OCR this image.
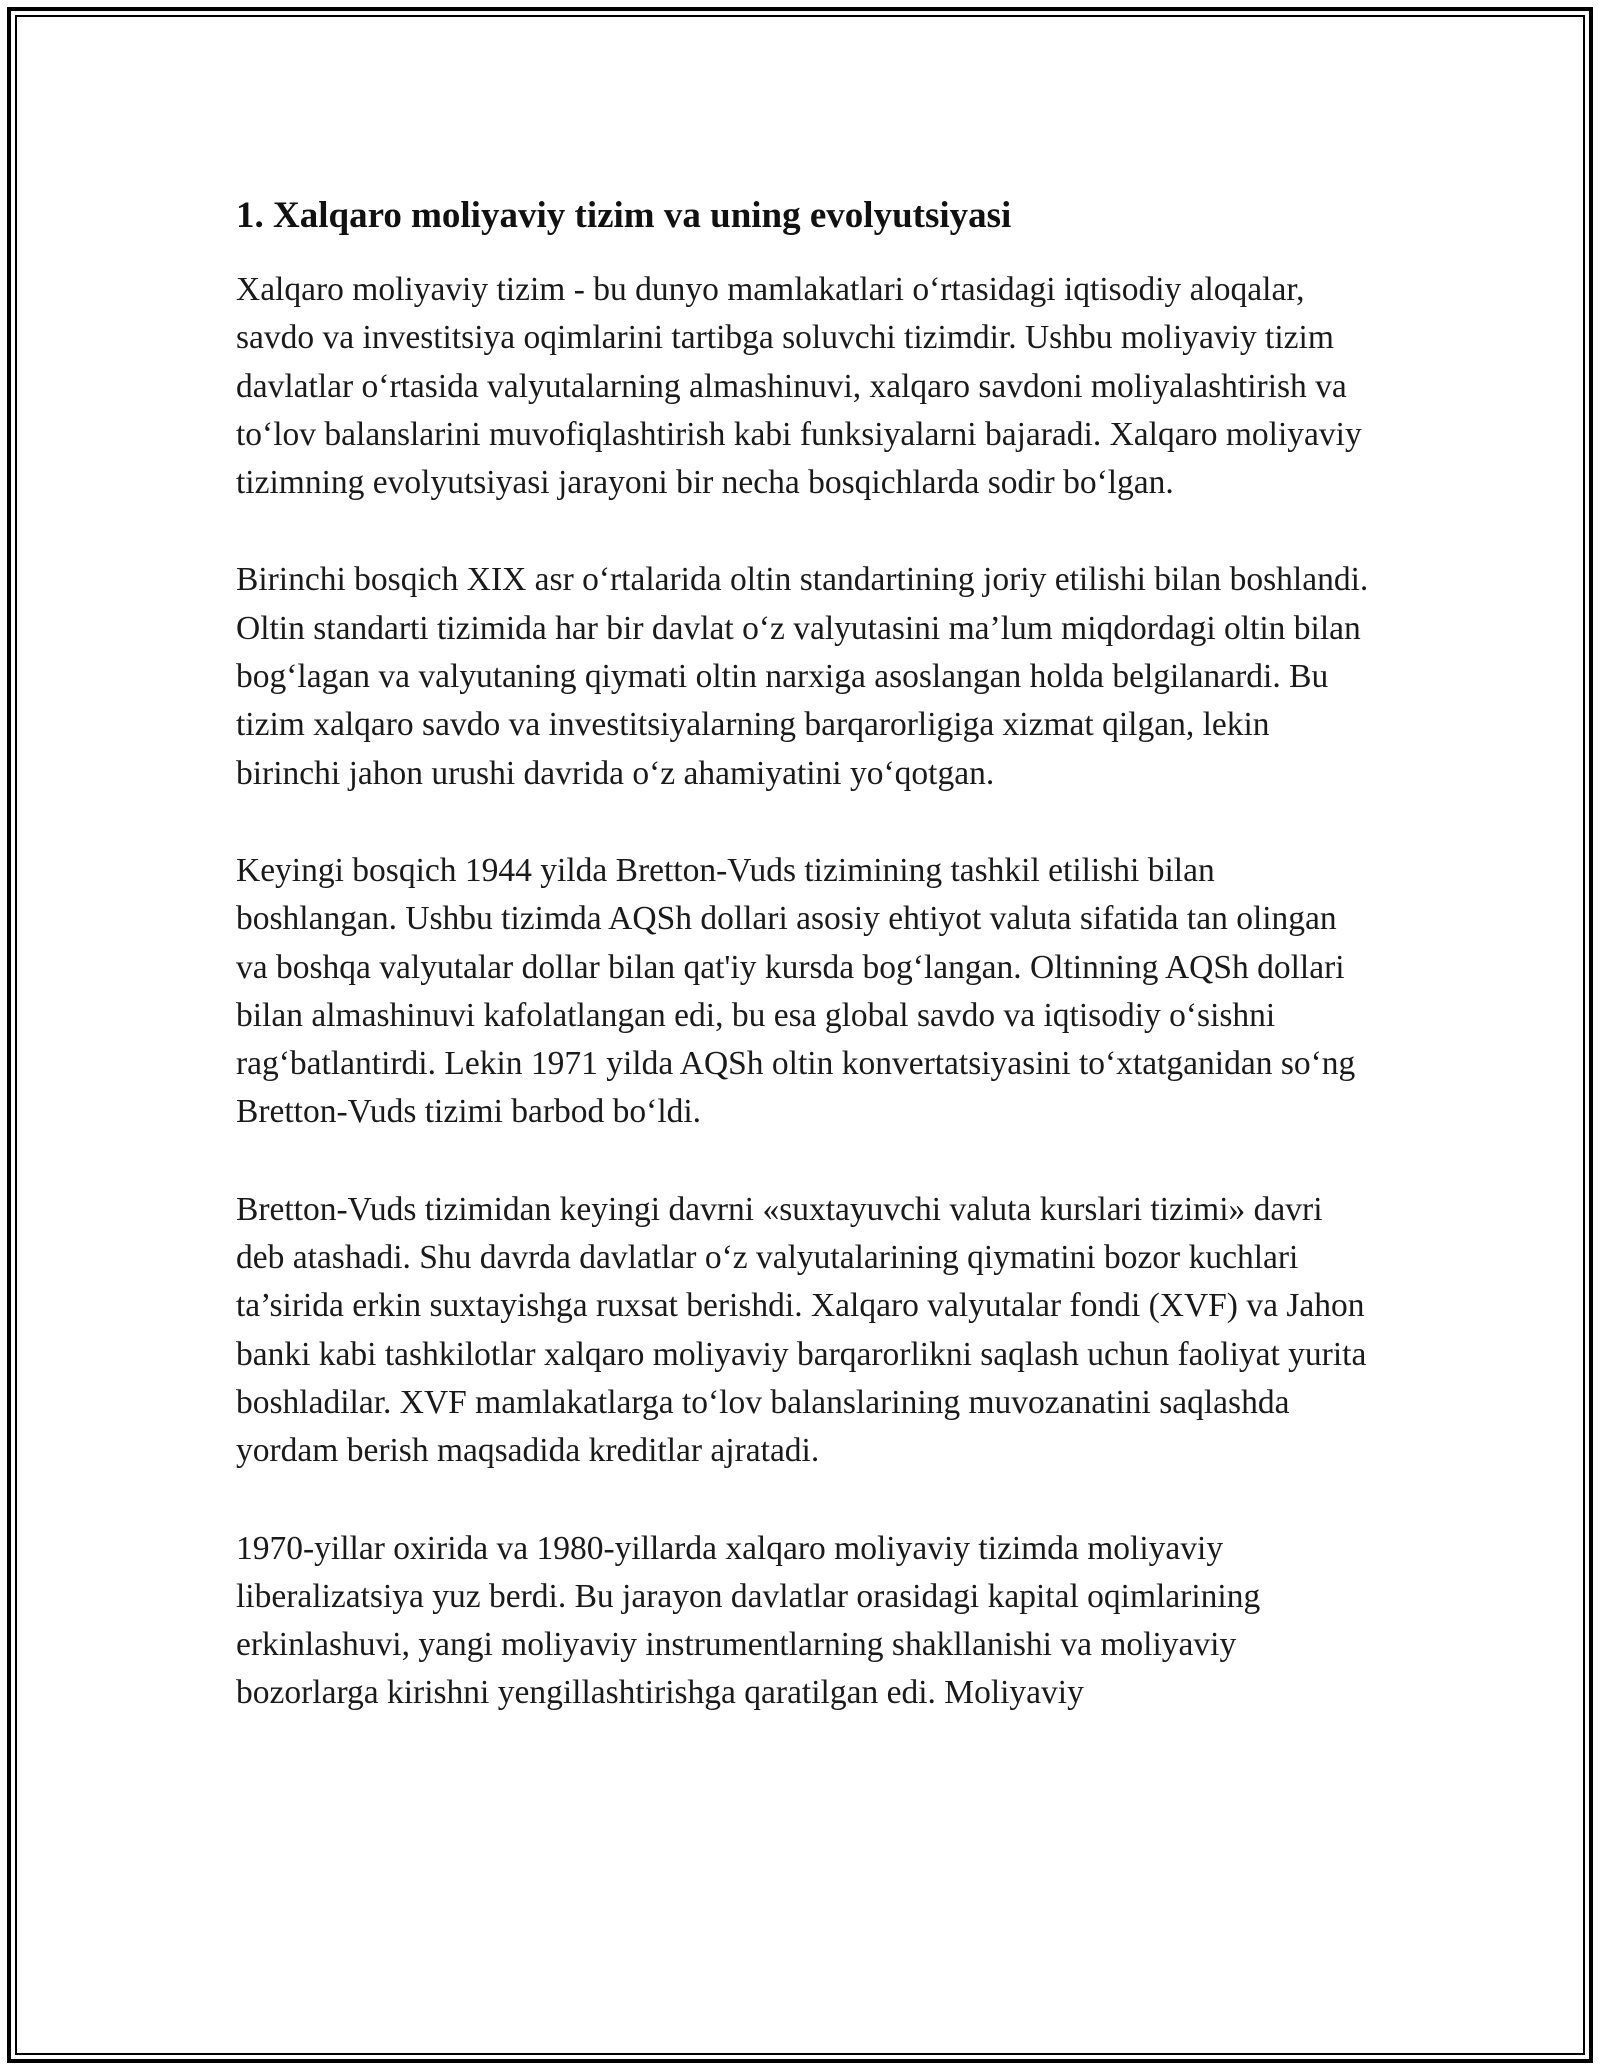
1. Xalqaro moliyaviy tizim va uning evolyutsiyasi

Xalqaro moliyaviy tizim - bu dunyo mamlakatlari o‘rtasidagi iqtisodiy aloqalar, savdo va investitsiya oqimlarini tartibga soluvchi tizimdir. Ushbu moliyaviy tizim davlatlar o‘rtasida valyutalarning almashinuvi, xalqaro savdoni moliyalashtirish va to‘lov balanslarini muvofiqlashtirish kabi funksiyalarni bajaradi. Xalqaro moliyaviy tizimning evolyutsiyasi jarayoni bir necha bosqichlarda sodir bo‘lgan.

Birinchi bosqich XIX asr o‘rtalarida oltin standartining joriy etilishi bilan boshlandi. Oltin standarti tizimida har bir davlat o‘z valyutasini ma’lum miqdordagi oltin bilan bog‘lagan va valyutaning qiymati oltin narxiga asoslangan holda belgilanardi. Bu tizim xalqaro savdo va investitsiyalarning barqarorligiga xizmat qilgan, lekin birinchi jahon urushi davrida o‘z ahamiyatini yo‘qotgan.

Keyingi bosqich 1944 yilda Bretton-Vuds tizimining tashkil etilishi bilan boshlangan. Ushbu tizimda AQSh dollari asosiy ehtiyot valuta sifatida tan olingan va boshqa valyutalar dollar bilan qat'iy kursda bog‘langan. Oltinning AQSh dollari bilan almashinuvi kafolatlangan edi, bu esa global savdo va iqtisodiy o‘sishni rag‘batlantirdi. Lekin 1971 yilda AQSh oltin konvertatsiyasini to‘xtatganidan so‘ng Bretton-Vuds tizimi barbod bo‘ldi.

Bretton-Vuds tizimidan keyingi davrni «suxtayuvchi valuta kurslari tizimi» davri deb atashadi. Shu davrda davlatlar o‘z valyutalarining qiymatini bozor kuchlari ta’sirida erkin suxtayishga ruxsat berishdi. Xalqaro valyutalar fondi (XVF) va Jahon banki kabi tashkilotlar xalqaro moliyaviy barqarorlikni saqlash uchun faoliyat yurita boshladilar. XVF mamlakatlarga to‘lov balanslarining muvozanatini saqlashda yordam berish maqsadida kreditlar ajratadi.

1970-yillar oxirida va 1980-yillarda xalqaro moliyaviy tizimda moliyaviy liberalizatsiya yuz berdi. Bu jarayon davlatlar orasidagi kapital oqimlarining erkinlashuvi, yangi moliyaviy instrumentlarning shakllanishi va moliyaviy bozorlarga kirishni yengillashtirishga qaratilgan edi. Moliyaviy
